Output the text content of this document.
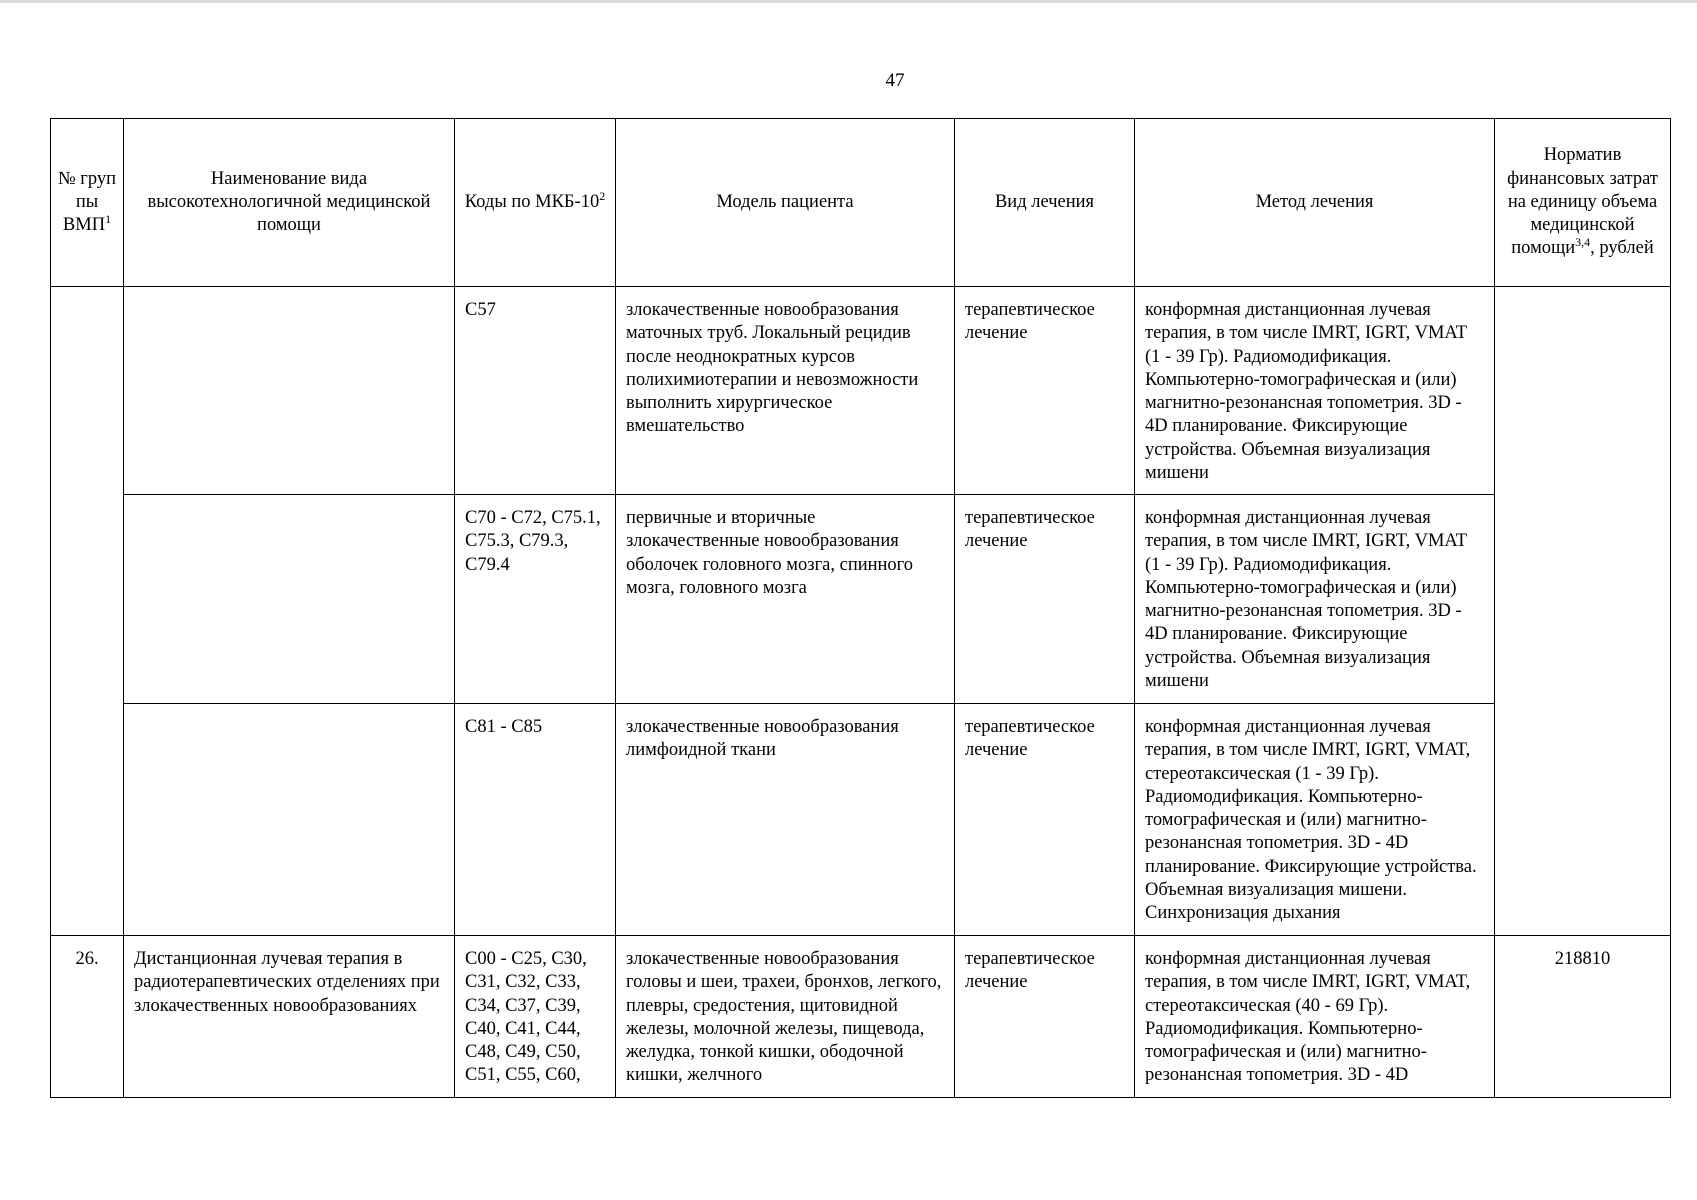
47
№ груп пы ВМП$^1$	Наименование вида высокотехнологичной медицинской помощи	Коды по МКБ-$10^2$	Модель пациента	Вид лечения	Метод лечения	Норматив финансовых затрат на единицу объема медицинской помощи$^{3,4}$, рублей

		C57	злокачественные новообразования маточных труб. Локальный рецидив после неоднократных курсов полихимиотерапии и невозможности выполнить хирургическое вмешательство	терапевтическое лечение	конформная дистанционная лучевая терапия, в том числе IMRT, IGRT, VMAT (1 - 39 Гр). Радиомодификация. Компьютерно-томографическая и (или) магнитно-резонансная топометрия. 3D - 4D планирование. Фиксирующие устройства. Объемная визуализация мишени	

		C70 - C72, C75.1, C75.3, C79.3, C79.4	первичные и вторичные злокачественные новообразования оболочек головного мозга, спинного мозга, головного мозга	терапевтическое лечение	конформная дистанционная лучевая терапия, в том числе IMRT, IGRT, VMAT (1 - 39 Гр). Радиомодификация. Компьютерно-томографическая и (или) магнитно-резонансная топометрия. 3D - 4D планирование. Фиксирующие устройства. Объемная визуализация мишени	

		C81 - C85	злокачественные новообразования лимфоидной ткани	терапевтическое лечение	конформная дистанционная лучевая терапия, в том числе IMRT, IGRT, VMAT, стереотаксическая (1 - 39 Гр). Радиомодификация. Компьютерно-томографическая и (или) магнитно-резонансная топометрия. 3D - 4D планирование. Фиксирующие устройства. Объемная визуализация мишени. Синхронизация дыхания	

26.	Дистанционная лучевая терапия в радиотерапевтических отделениях при злокачественных новообразованиях	C00 - C25, C30, C31, C32, C33, C34, C37, C39, C40, C41, C44, C48, C49, C50, C51, C55, C60,	злокачественные новообразования головы и шеи, трахеи, бронхов, легкого, плевры, средостения, щитовидной железы, молочной железы, пищевода, желудка, тонкой кишки, ободочной кишки, желчного	терапевтическое лечение	конформная дистанционная лучевая терапия, в том числе IMRT, IGRT, VMAT, стереотаксическая (40 - 69 Гр). Радиомодификация. Компьютерно-томографическая и (или) магнитно-резонансная топометрия. 3D - 4D	218810
